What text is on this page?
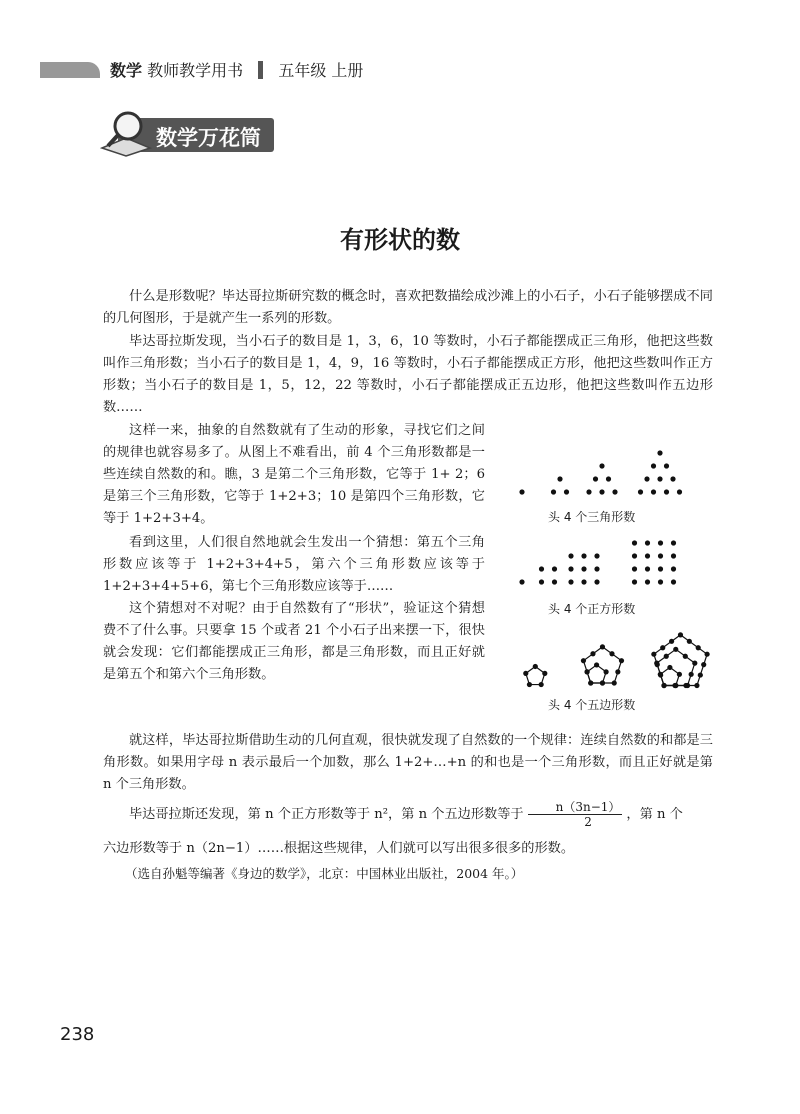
数学 教师教学用书 五年级 上册
数学万花筒
有形状的数

什么是形数呢？毕达哥拉斯研究数的概念时，喜欢把数描绘成沙滩上的小石子，小石子能够摆成不同的几何图形，于是就产生一系列的形数。

毕达哥拉斯发现，当小石子的数目是 1，3，6，10 等数时，小石子都能摆成正三角形，他把这些数叫作三角形数；当小石子的数目是 1，4，9，16 等数时，小石子都能摆成正方形，他把这些数叫作正方形数；当小石子的数目是 1，5，12，22 等数时，小石子都能摆成正五边形，他把这些数叫作五边形数……

这样一来，抽象的自然数就有了生动的形象，寻找它们之间的规律也就容易多了。从图上不难看出，前 4 个三角形数都是一些连续自然数的和。瞧，3 是第二个三角形数，它等于 1+ 2；6 是第三个三角形数，它等于 1+2+3；10 是第四个三角形数，它等于 1+2+3+4。

看到这里，人们很自然地就会生发出一个猜想：第五个三角形数应该等于 1+2+3+4+5，第六个三角形数应该等于 1+2+3+4+5+6，第七个三角形数应该等于……

这个猜想对不对呢？由于自然数有了“形状”，验证这个猜想费不了什么事。只要拿 15 个或者 21 个小石子出来摆一下，很快就会发现：它们都能摆成正三角形，都是三角形数，而且正好就是第五个和第六个三角形数。

就这样，毕达哥拉斯借助生动的几何直观，很快就发现了自然数的一个规律：连续自然数的和都是三角形数。如果用字母 n 表示最后一个加数，那么 1+2+…+n 的和也是一个三角形数，而且正好就是第 n 个三角形数。

毕达哥拉斯还发现，第 n 个正方形数等于 n²，第 n 个五边形数等于 $\frac{n(3n-1)}{2}$ ，第 n 个
六边形数等于 n（2n−1）……根据这些规律，人们就可以写出很多很多的形数。
头 4 个三角形数
头 4 个正方形数
头 4 个五边形数
（选自孙魁等编著《身边的数学》，北京：中国林业出版社，2004 年。）
238
